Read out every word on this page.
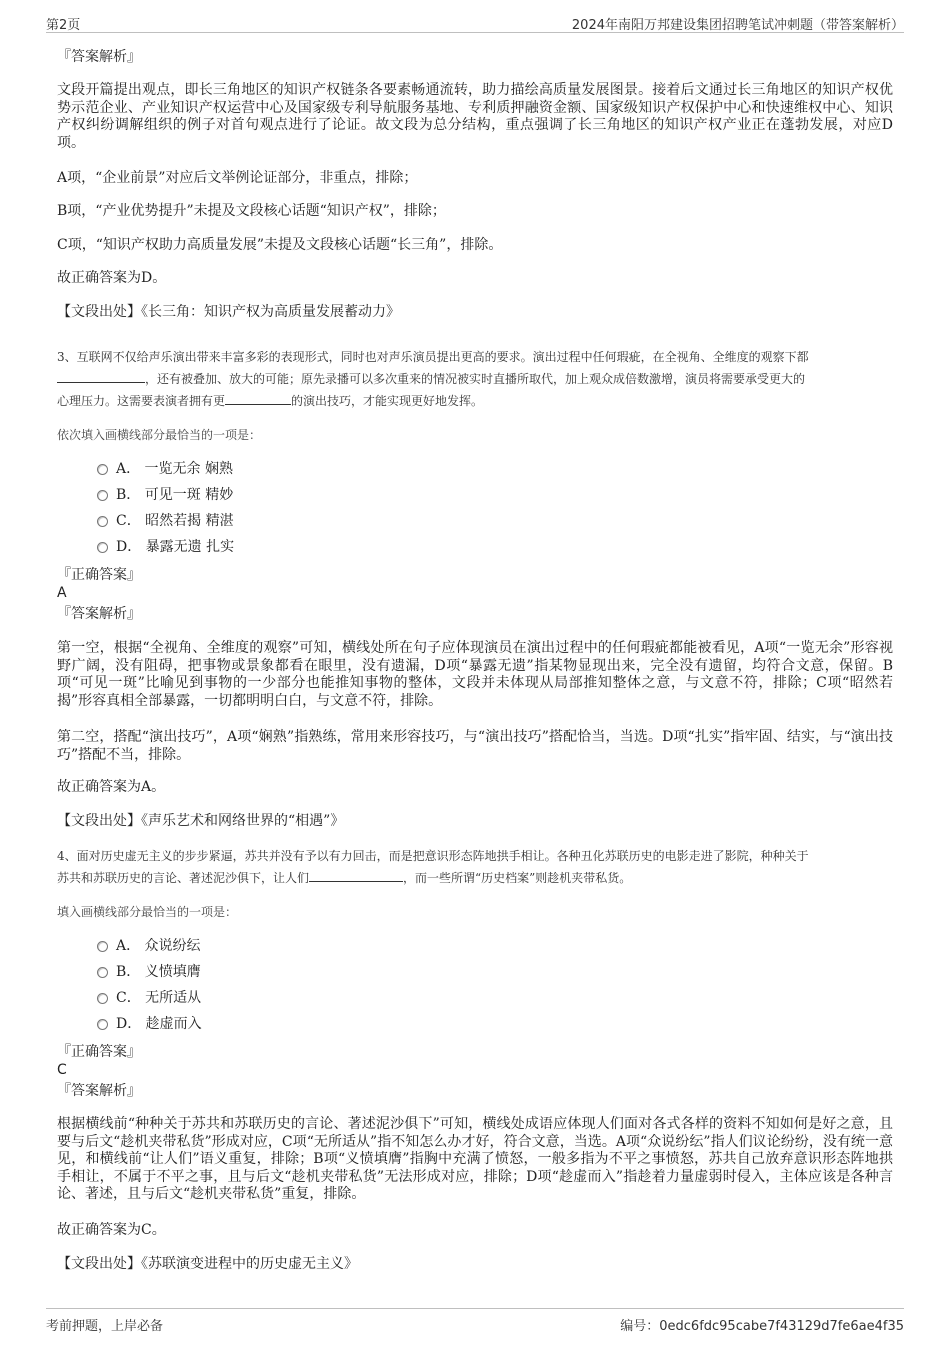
第2页	2024年南阳万邦建设集团招聘笔试冲刺题（带答案解析）
『答案解析』

文段开篇提出观点，即长三角地区的知识产权链条各要素畅通流转，助力描绘高质量发展图景。接着后文通过长三角地区的知识产权优势示范企业、产业知识产权运营中心及国家级专利导航服务基地、专利质押融资金额、国家级知识产权保护中心和快速维权中心、知识产权纠纷调解组织的例子对首句观点进行了论证。故文段为总分结构，重点强调了长三角地区的知识产权产业正在蓬勃发展，对应D项。

A项，“企业前景”对应后文举例论证部分，非重点，排除；
B项，“产业优势提升”未提及文段核心话题“知识产权”，排除；
C项，“知识产权助力高质量发展”未提及文段核心话题“长三角”，排除。
故正确答案为D。
【文段出处】《长三角：知识产权为高质量发展蓄动力》
3、互联网不仅给声乐演出带来丰富多彩的表现形式，同时也对声乐演员提出更高的要求。演出过程中任何瑕疵，在全视角、全维度的观察下都
，还有被叠加、放大的可能；原先录播可以多次重来的情况被实时直播所取代，加上观众成倍数激增，演员将需要承受更大的
心理压力。这需要表演者拥有更	的演出技巧，才能实现更好地发挥。
依次填入画横线部分最恰当的一项是：
A． 一览无余 娴熟
B． 可见一斑 精妙
C． 昭然若揭 精湛
D． 暴露无遗 扎实
『正确答案』
A
『答案解析』

第一空，根据“全视角、全维度的观察”可知，横线处所在句子应体现演员在演出过程中的任何瑕疵都能被看见，A项“一览无余”形容视野广阔，没有阻碍，把事物或景象都看在眼里，没有遗漏，D项“暴露无遗”指某物显现出来，完全没有遗留，均符合文意，保留。B项“可见一斑”比喻见到事物的一少部分也能推知事物的整体，文段并未体现从局部推知整体之意，与文意不符，排除；C项“昭然若揭”形容真相全部暴露，一切都明明白白，与文意不符，排除。

第二空，搭配“演出技巧”，A项“娴熟”指熟练，常用来形容技巧，与“演出技巧”搭配恰当，当选。D项“扎实”指牢固、结实，与“演出技巧”搭配不当，排除。

故正确答案为A。
【文段出处】《声乐艺术和网络世界的“相遇”》
4、面对历史虚无主义的步步紧逼，苏共并没有予以有力回击，而是把意识形态阵地拱手相让。各种丑化苏联历史的电影走进了影院，种种关于
苏共和苏联历史的言论、著述泥沙俱下，让人们	，而一些所谓“历史档案”则趁机夹带私货。
填入画横线部分最恰当的一项是：
A． 众说纷纭
B． 义愤填膺
C． 无所适从
D． 趁虚而入
『正确答案』
C
『答案解析』

根据横线前“种种关于苏共和苏联历史的言论、著述泥沙俱下”可知，横线处成语应体现人们面对各式各样的资料不知如何是好之意，且要与后文“趁机夹带私货”形成对应，C项“无所适从”指不知怎么办才好，符合文意，当选。A项“众说纷纭”指人们议论纷纷，没有统一意见，和横线前“让人们”语义重复，排除；B项“义愤填膺”指胸中充满了愤怒，一般多指为不平之事愤怒，苏共自己放弃意识形态阵地拱手相让，不属于不平之事，且与后文“趁机夹带私货”无法形成对应，排除；D项“趁虚而入”指趁着力量虚弱时侵入，主体应该是各种言论、著述，且与后文“趁机夹带私货”重复，排除。

故正确答案为C。
【文段出处】《苏联演变进程中的历史虚无主义》
考前押题，上岸必备	编号：0edc6fdc95cabe7f43129d7fe6ae4f35
